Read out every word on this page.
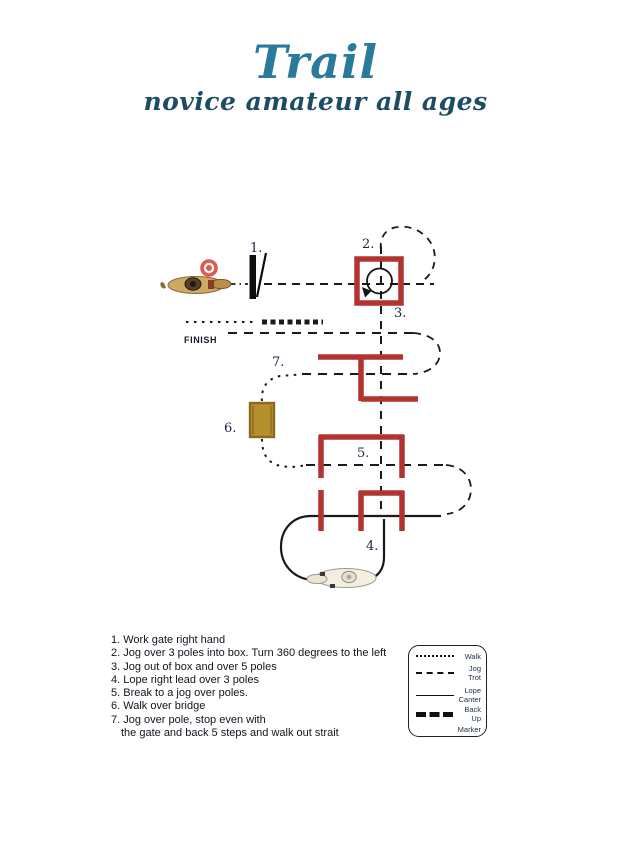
Trail
novice amateur all ages
1.	2.
3.
4.
5.
6.
7.
FINISH
1. Work gate right hand
2. Jog over 3 poles into box. Turn 360 degrees to the left
3. Jog out of box and over 5 poles
4. Lope right lead over 3 poles
5. Break to a jog over poles.
6. Walk over bridge
7. Jog over pole, stop even with
the gate and back 5 steps and walk out strait
Walk
Jog
Trot
Lope
Canter
Back Up
Marker
